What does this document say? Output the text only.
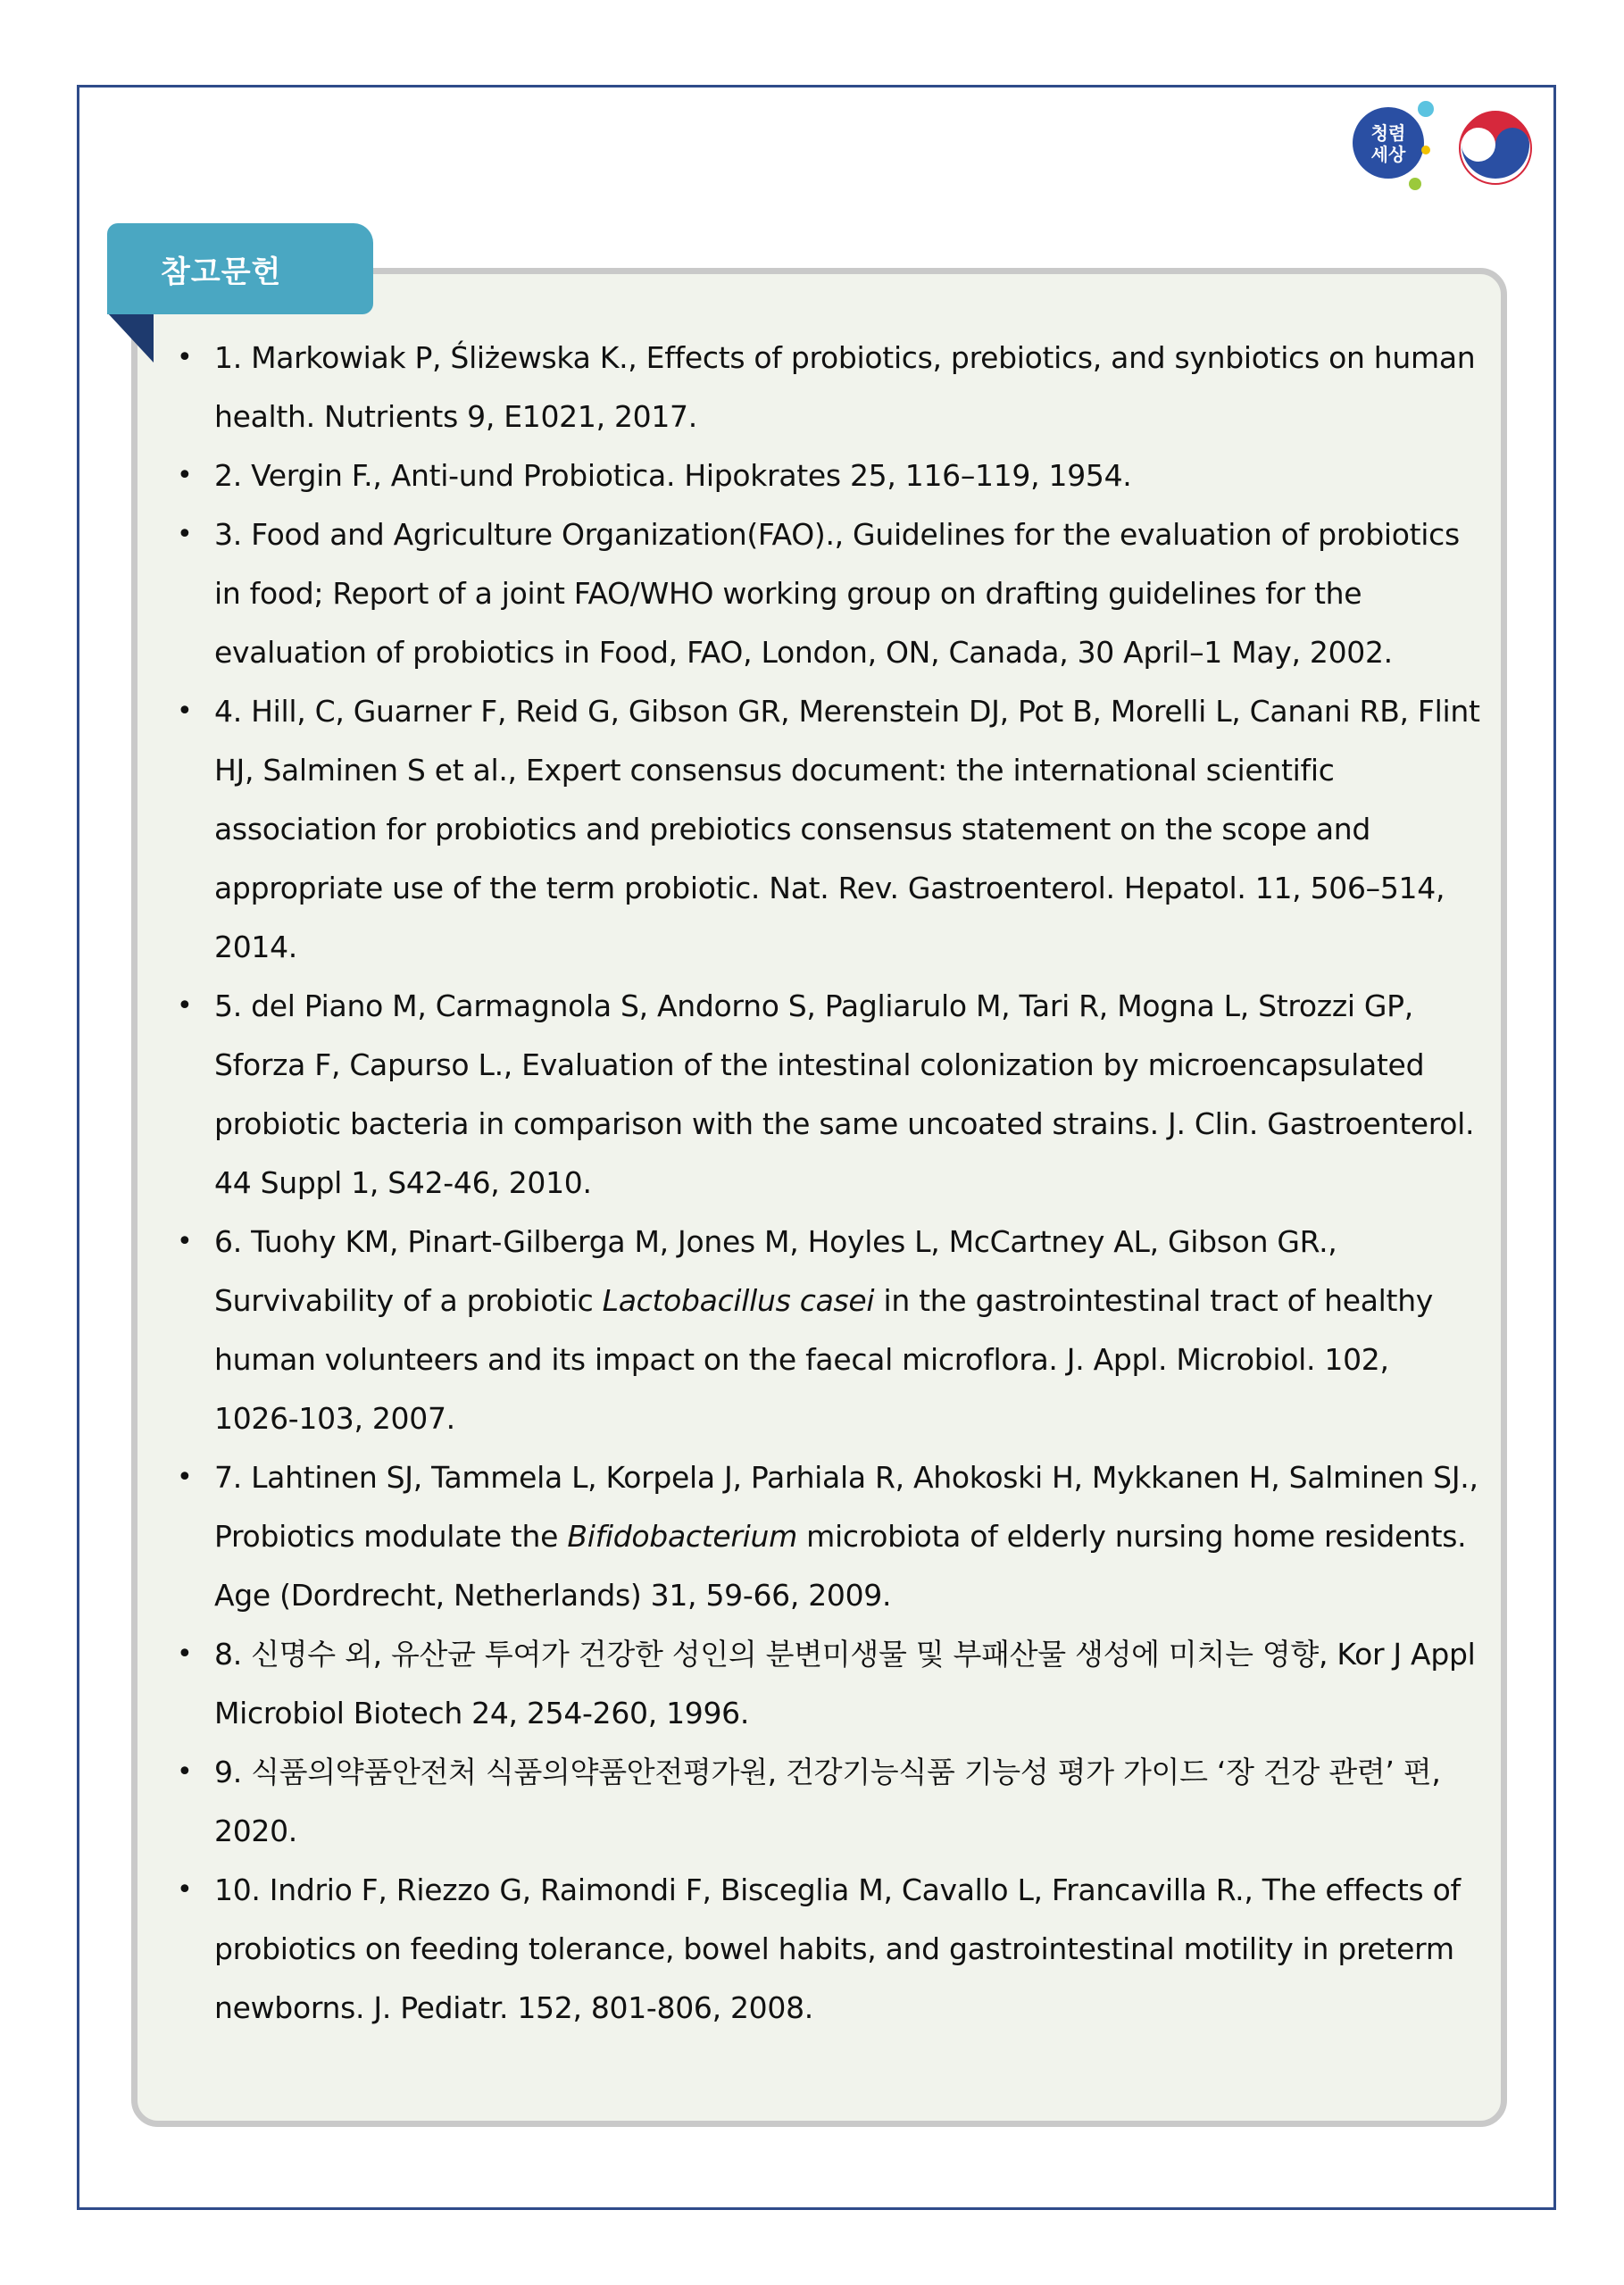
청렴
세상
참고문헌
• 1. Markowiak P, Śliżewska K., Effects of probiotics, prebiotics, and synbiotics on human health. Nutrients 9, E1021, 2017.
• 2. Vergin F., Anti-und Probiotica. Hipokrates 25, 116–119, 1954.
• 3. Food and Agriculture Organization(FAO)., Guidelines for the evaluation of probiotics in food; Report of a joint FAO/WHO working group on drafting guidelines for the evaluation of probiotics in Food, FAO, London, ON, Canada, 30 April–1 May, 2002.
• 4. Hill, C, Guarner F, Reid G, Gibson GR, Merenstein DJ, Pot B, Morelli L, Canani RB, Flint HJ, Salminen S et al., Expert consensus document: the international scientific association for probiotics and prebiotics consensus statement on the scope and appropriate use of the term probiotic. Nat. Rev. Gastroenterol. Hepatol. 11, 506–514, 2014.
• 5. del Piano M, Carmagnola S, Andorno S, Pagliarulo M, Tari R, Mogna L, Strozzi GP, Sforza F, Capurso L., Evaluation of the intestinal colonization by microencapsulated probiotic bacteria in comparison with the same uncoated strains. J. Clin. Gastroenterol. 44 Suppl 1, S42-46, 2010.
• 6. Tuohy KM, Pinart-Gilberga M, Jones M, Hoyles L, McCartney AL, Gibson GR., Survivability of a probiotic Lactobacillus casei in the gastrointestinal tract of healthy human volunteers and its impact on the faecal microflora. J. Appl. Microbiol. 102, 1026-103, 2007.
• 7. Lahtinen SJ, Tammela L, Korpela J, Parhiala R, Ahokoski H, Mykkanen H, Salminen SJ., Probiotics modulate the Bifidobacterium microbiota of elderly nursing home residents. Age (Dordrecht, Netherlands) 31, 59-66, 2009.
• 8. 신명수 외, 유산균 투여가 건강한 성인의 분변미생물 및 부패산물 생성에 미치는 영향, Kor J Appl Microbiol Biotech 24, 254-260, 1996.
• 9. 식품의약품안전처 식품의약품안전평가원, 건강기능식품 기능성 평가 가이드 ‘장 건강 관련’ 편, 2020.
• 10. Indrio F, Riezzo G, Raimondi F, Bisceglia M, Cavallo L, Francavilla R., The effects of probiotics on feeding tolerance, bowel habits, and gastrointestinal motility in preterm newborns. J. Pediatr. 152, 801-806, 2008.
